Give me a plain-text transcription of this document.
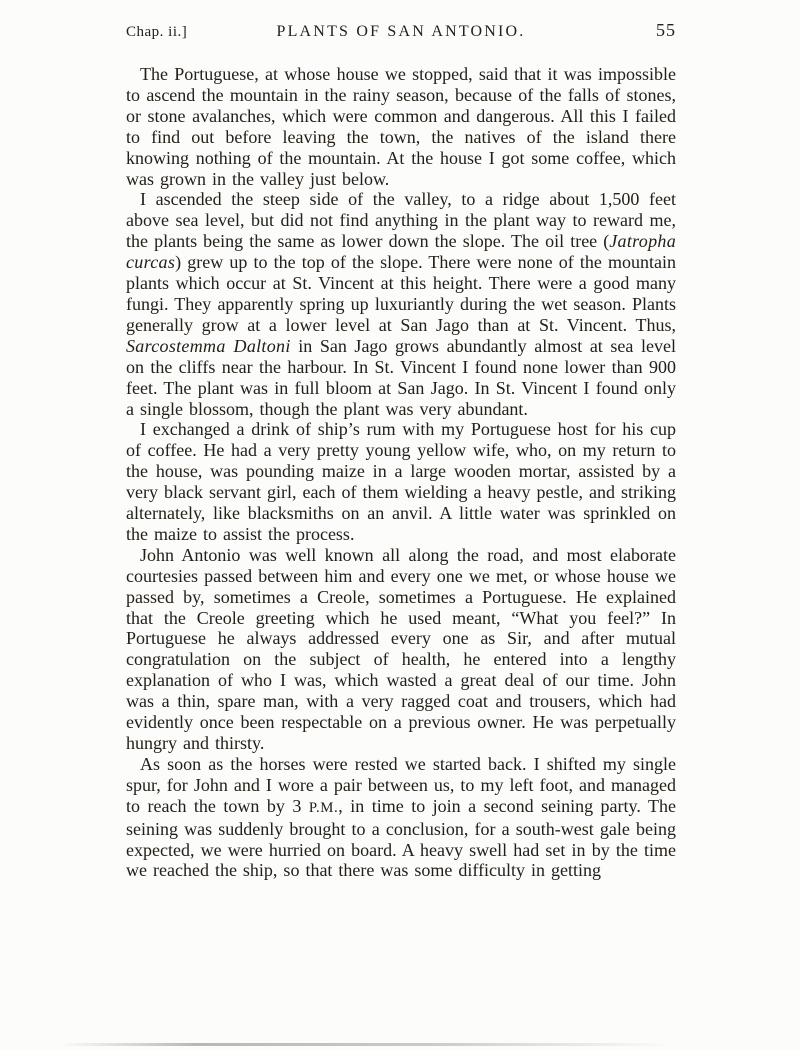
Chap. ii.]	PLANTS OF SAN ANTONIO.	55

The Portuguese, at whose house we stopped, said that it was impossible to ascend the mountain in the rainy season, because of the falls of stones, or stone avalanches, which were common and dangerous. All this I failed to find out before leaving the town, the natives of the island there knowing nothing of the mountain. At the house I got some coffee, which was grown in the valley just below.

I ascended the steep side of the valley, to a ridge about 1,500 feet above sea level, but did not find anything in the plant way to reward me, the plants being the same as lower down the slope. The oil tree (Jatropha curcas) grew up to the top of the slope. There were none of the mountain plants which occur at St. Vincent at this height. There were a good many fungi. They apparently spring up luxuriantly during the wet season. Plants generally grow at a lower level at San Jago than at St. Vincent. Thus, Sarcostemma Daltoni in San Jago grows abundantly almost at sea level on the cliffs near the harbour. In St. Vincent I found none lower than 900 feet. The plant was in full bloom at San Jago. In St. Vincent I found only a single blossom, though the plant was very abundant.

I exchanged a drink of ship’s rum with my Portuguese host for his cup of coffee. He had a very pretty young yellow wife, who, on my return to the house, was pounding maize in a large wooden mortar, assisted by a very black servant girl, each of them wielding a heavy pestle, and striking alternately, like blacksmiths on an anvil. A little water was sprinkled on the maize to assist the process.

John Antonio was well known all along the road, and most elaborate courtesies passed between him and every one we met, or whose house we passed by, sometimes a Creole, sometimes a Portuguese. He explained that the Creole greeting which he used meant, “What you feel?” In Portuguese he always addressed every one as Sir, and after mutual congratulation on the subject of health, he entered into a lengthy explanation of who I was, which wasted a great deal of our time. John was a thin, spare man, with a very ragged coat and trousers, which had evidently once been respectable on a previous owner. He was perpetually hungry and thirsty.

As soon as the horses were rested we started back. I shifted my single spur, for John and I wore a pair between us, to my left foot, and managed to reach the town by 3 P.M., in time to join a second seining party. The seining was suddenly brought to a conclusion, for a south-west gale being expected, we were hurried on board. A heavy swell had set in by the time we reached the ship, so that there was some difficulty in getting
